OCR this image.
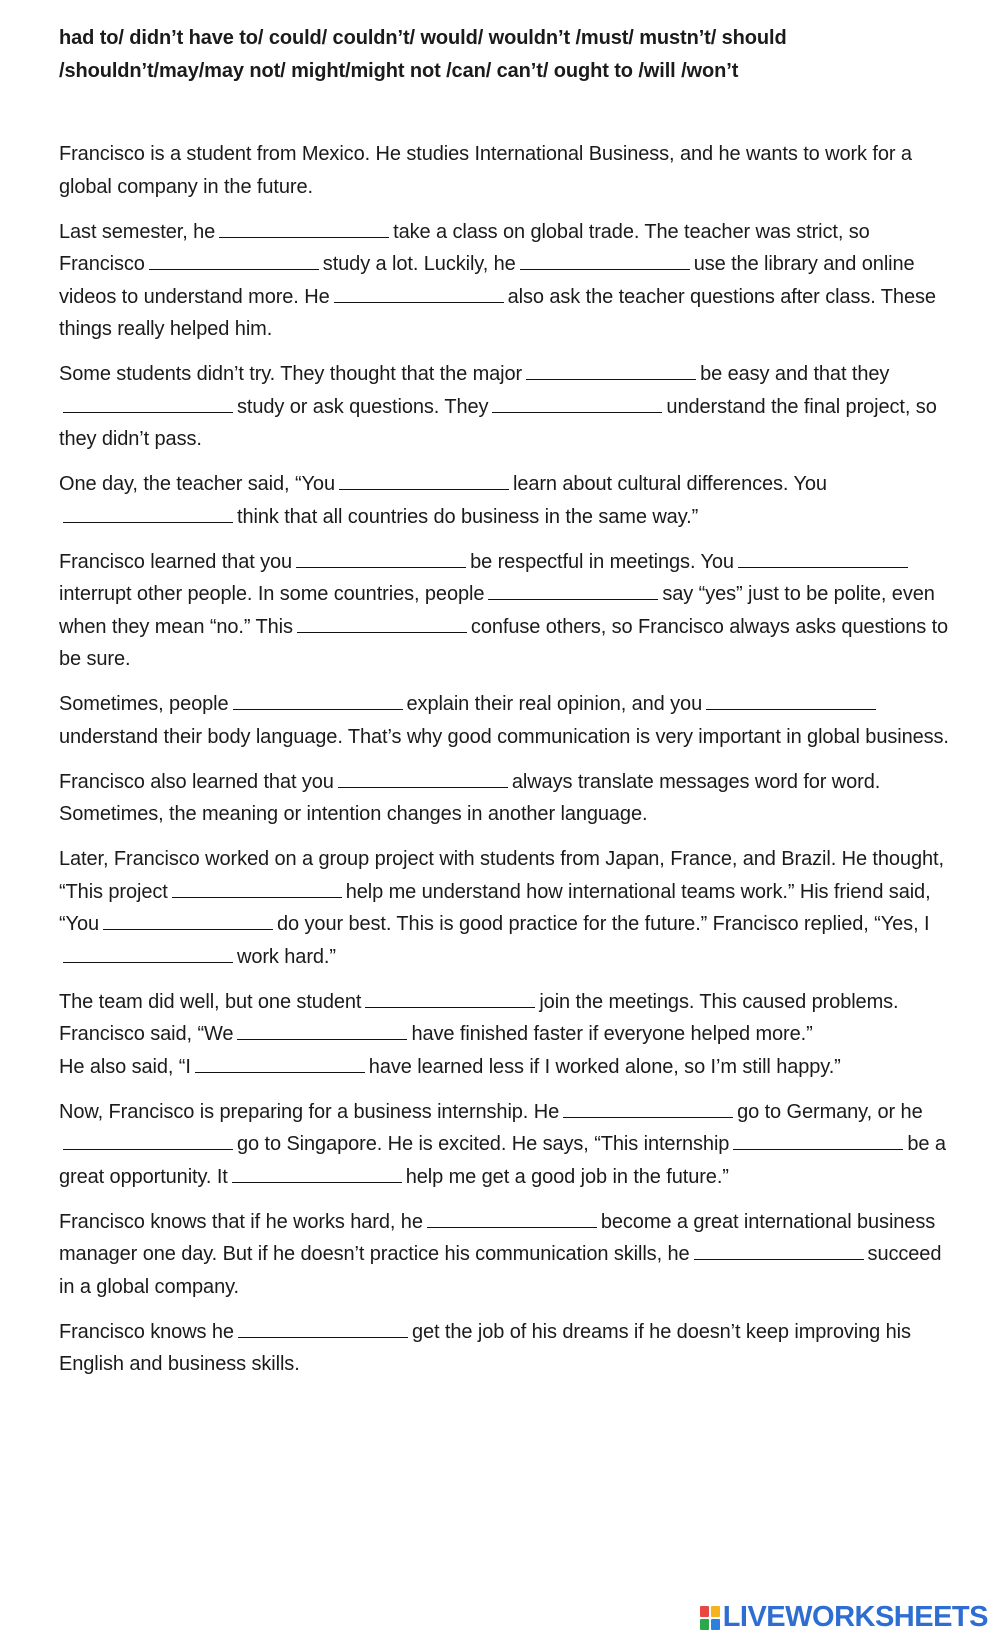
had to/ didn’t have to/ could/ couldn’t/ would/ wouldn’t /must/ mustn’t/ should /shouldn’t/may/may not/ might/might not /can/ can’t/ ought to /will /won’t
Francisco is a student from Mexico. He studies International Business, and he wants to work for a global company in the future.
Last semester, he	take a class on global trade. The teacher was strict, so Francisco	study a lot. Luckily, he	use the library and online videos to understand more. He	also ask the teacher questions after class. These things really helped him.
Some students didn’t try. They thought that the major	be easy and that theystudy or ask questions. They	understand the final project, so they didn’t pass.
One day, the teacher said, “You	learn about cultural differences. Youthink that all countries do business in the same way.”
Francisco learned that you	be respectful in meetings. Youinterrupt other people. In some countries, people	say “yes” just to be polite, even when they mean “no.” This	confuse others, so Francisco always asks questions to be sure.
Sometimes, people	explain their real opinion, and youunderstand their body language. That’s why good communication is very important in global business.
Francisco also learned that you	always translate messages word for word. Sometimes, the meaning or intention changes in another language.
Later, Francisco worked on a group project with students from Japan, France, and Brazil. He thought, “This project	help me understand how international teams work.” His friend said, “You	do your best. This is good practice for the future.” Francisco replied, “Yes, Iwork hard.”
The team did well, but one student	join the meetings. This caused problems. Francisco said, “We	have finished faster if everyone helped more.”
He also said, “I	have learned less if I worked alone, so I’m still happy.”
Now, Francisco is preparing for a business internship. He	go to Germany, or hego to Singapore. He is excited. He says, “This internship	be a great opportunity. It	help me get a good job in the future.”
Francisco knows that if he works hard, he	become a great international business manager one day. But if he doesn’t practice his communication skills, he	succeed in a global company.
Francisco knows he	get the job of his dreams if he doesn’t keep improving his English and business skills.
LIVEWORKSHEETS
